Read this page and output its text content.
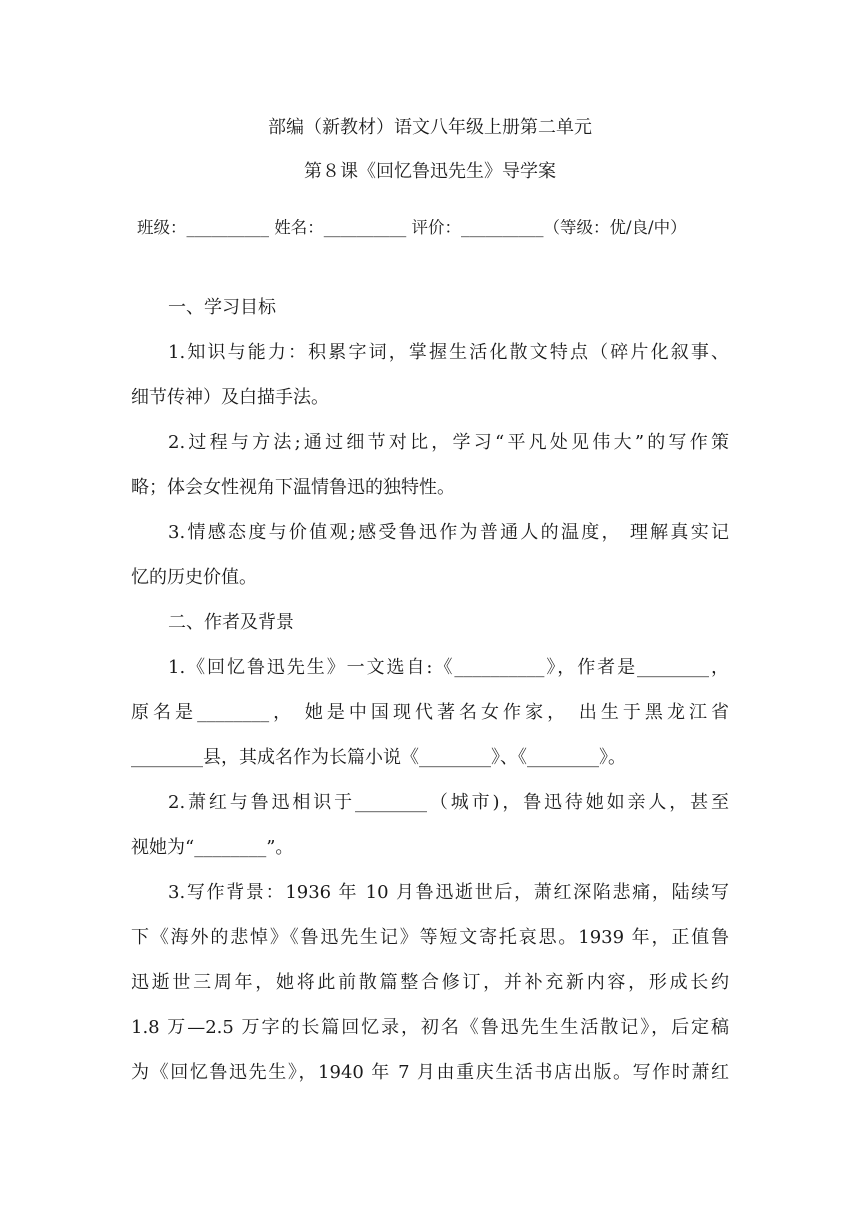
部编（新教材）语文八年级上册第二单元
第８课《回忆鲁迅先生》导学案
班级：__________ 姓名：__________ 评价：__________（等级：优/良/中）
一、学习目标
1.知识与能力：积累字词，掌握生活化散文特点（碎片化叙事、
细节传神）及白描手法。
2.过程与方法;通过细节对比，学习“平凡处见伟大”的写作策
略；体会女性视角下温情鲁迅的独特性。
3.情感态度与价值观;感受鲁迅作为普通人的温度， 理解真实记
忆的历史价值。
二、作者及背景
1.《回忆鲁迅先生》一文选自:《__________》，作者是________，
原名是________， 她是中国现代著名女作家， 出生于黑龙江省
________县，其成名作为长篇小说《________》、《________》。
2.萧红与鲁迅相识于________（城市)，鲁迅待她如亲人，甚至
视她为“________”。
3.写作背景：1936 年 10 月鲁迅逝世后，萧红深陷悲痛，陆续写
下《海外的悲悼》《鲁迅先生记》等短文寄托哀思。1939 年，正值鲁
迅逝世三周年，她将此前散篇整合修订，并补充新内容，形成长约
1.8 万—2.5 万字的长篇回忆录，初名《鲁迅先生生活散记》，后定稿
为《回忆鲁迅先生》，1940 年 7 月由重庆生活书店出版。写作时萧红
